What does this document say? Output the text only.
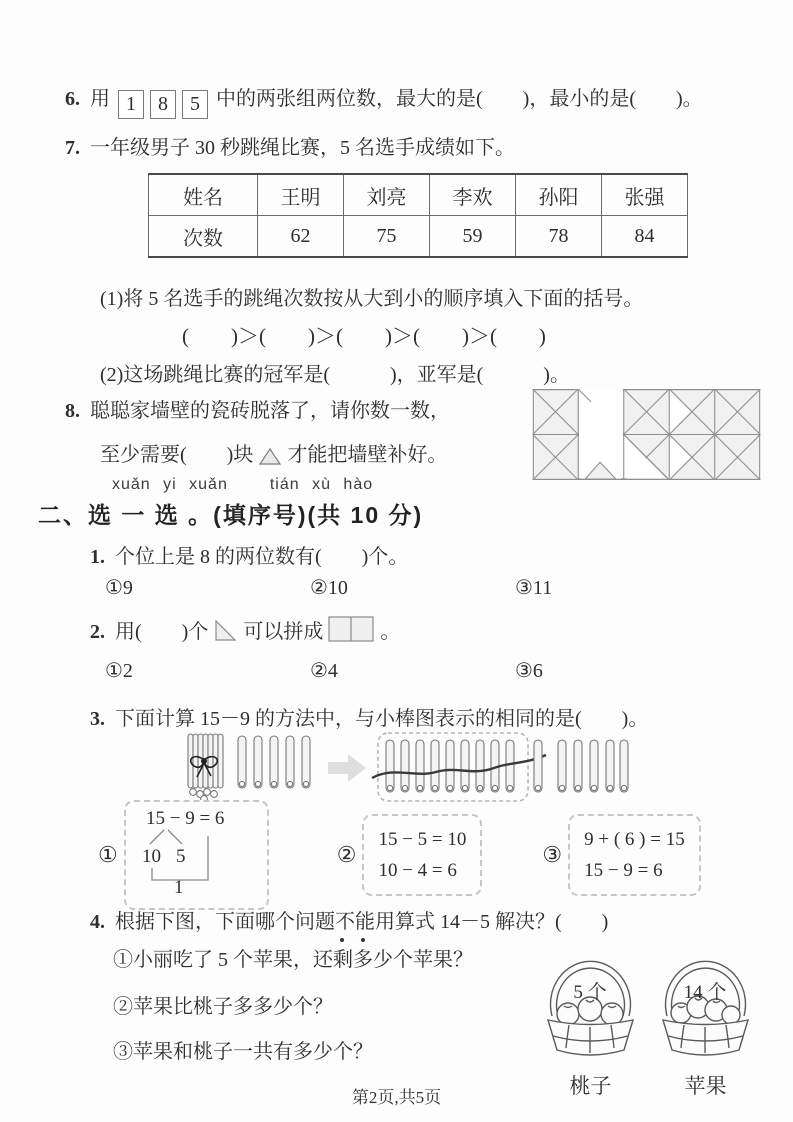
6. 用 1 8 5 中的两张组两位数，最大的是(　　)，最小的是(　　)。
7. 一年级男子 30 秒跳绳比赛，5 名选手成绩如下。
姓名	王明	刘亮	李欢	孙阳	张强
次数	62	75	59	78	84
(1)将 5 名选手的跳绳次数按从大到小的顺序填入下面的括号。
(　　)＞(　　)＞(　　)＞(　　)＞(　　)
(2)这场跳绳比赛的冠军是(　　　)，亚军是(　　　)。
8. 聪聪家墙壁的瓷砖脱落了，请你数一数，
至少需要(　　)块 才能把墙壁补好。
xuǎn yi xuǎn	tián xù hào
二、选 一 选 。(填序号)(共 10 分)
1. 个位上是 8 的两位数有(　　)个。
①9	②10	③11
2. 用(　　)个 可以拼成	。
①2	②4	③6
3. 下面计算 15－9 的方法中，与小棒图表示的相同的是(　　)。
①
15 − 9 = 6
10 5
1
②
15 − 5 = 10
10 − 4 = 6
③
9 + ( 6 ) = 15
15 − 9 = 6
4. 根据下图，下面哪个问题不能用算式 14－5 解决？(　　)
①小丽吃了 5 个苹果，还剩多少个苹果？
②苹果比桃子多多少个？
③苹果和桃子一共有多少个？
5 个
桃子
14 个
苹果
第2页,共5页
